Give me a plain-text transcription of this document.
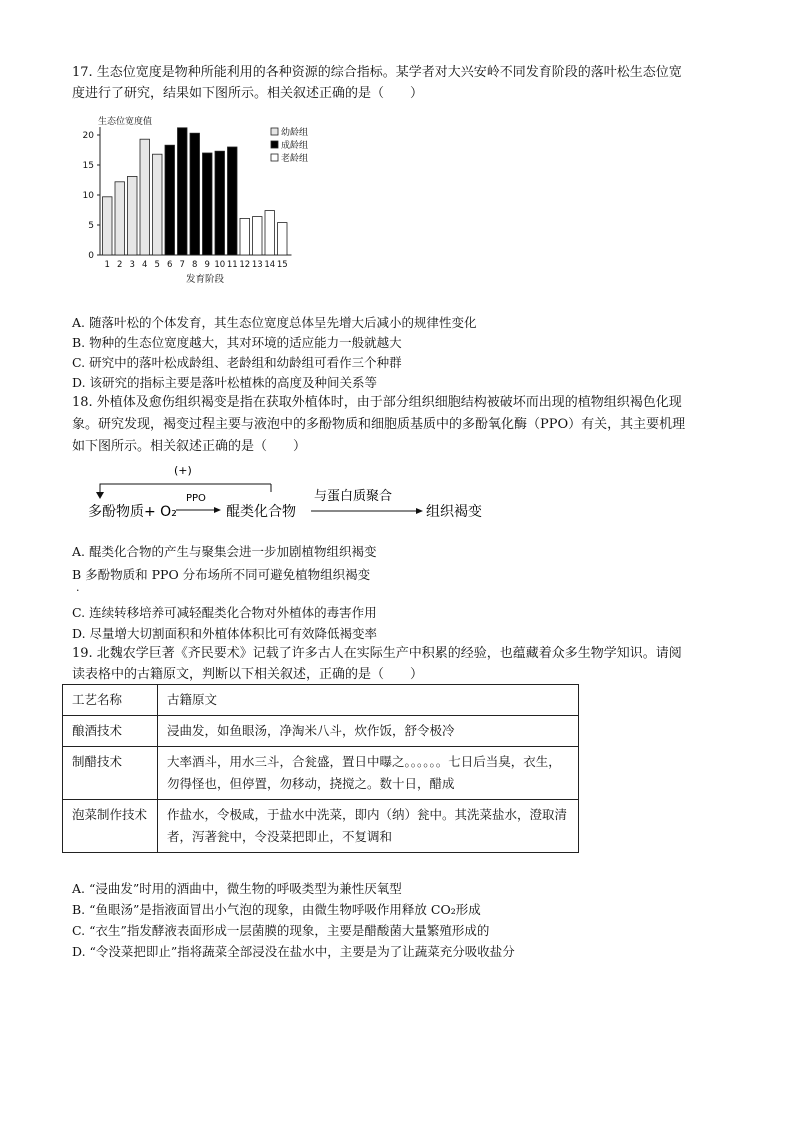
17. 生态位宽度是物种所能利用的各种资源的综合指标。某学者对大兴安岭不同发育阶段的落叶松生态位宽
度进行了研究，结果如下图所示。相关叙述正确的是（　　）
0
5
10
15
20
生态位宽度值
1 2 3 4 5 6 7 8 9 10 11 12 13 14 15
发育阶段
幼龄组
成龄组
老龄组
A. 随落叶松的个体发育，其生态位宽度总体呈先增大后减小的规律性变化
B. 物种的生态位宽度越大，其对环境的适应能力一般就越大
C. 研究中的落叶松成龄组、老龄组和幼龄组可看作三个种群
D. 该研究的指标主要是落叶松植株的高度及种间关系等
18. 外植体及愈伤组织褐变是指在获取外植体时，由于部分组织细胞结构被破坏而出现的植物组织褐色化现
象。研究发现，褐变过程主要与液泡中的多酚物质和细胞质基质中的多酚氧化酶（PPO）有关，其主要机理
如下图所示。相关叙述正确的是（　　）
(+)
多酚物质+ O₂
PPO
醌类化合物
与蛋白质聚合
组织褐变
A. 醌类化合物的产生与聚集会进一步加剧植物组织褐变
B 多酚物质和 PPO 分布场所不同可避免植物组织褐变
·
C. 连续转移培养可减轻醌类化合物对外植体的毒害作用
D. 尽量增大切割面积和外植体体积比可有效降低褐变率
19. 北魏农学巨著《齐民要术》记载了许多古人在实际生产中积累的经验，也蕴藏着众多生物学知识。请阅
读表格中的古籍原文，判断以下相关叙述，正确的是（　　）
工艺名称	古籍原文
酿酒技术	浸曲发，如鱼眼汤，净淘米八斗，炊作饭，舒令极冷
制醋技术	大率酒斗，用水三斗，合瓮盛，置日中曝之。。。。。。七日后当臭，衣生，勿得怪也，但停置，勿移动，挠搅之。数十日，醋成
泡菜制作技术	作盐水，令极咸，于盐水中洗菜，即内（纳）瓮中。其洗菜盐水，澄取清者，泻著瓮中，令没菜把即止，不复调和
A. “浸曲发”时用的酒曲中，微生物的呼吸类型为兼性厌氧型
B. “鱼眼汤”是指液面冒出小气泡的现象，由微生物呼吸作用释放 CO₂形成
C. “衣生”指发酵液表面形成一层菌膜的现象，主要是醋酸菌大量繁殖形成的
D. “令没菜把即止”指将蔬菜全部浸没在盐水中，主要是为了让蔬菜充分吸收盐分
